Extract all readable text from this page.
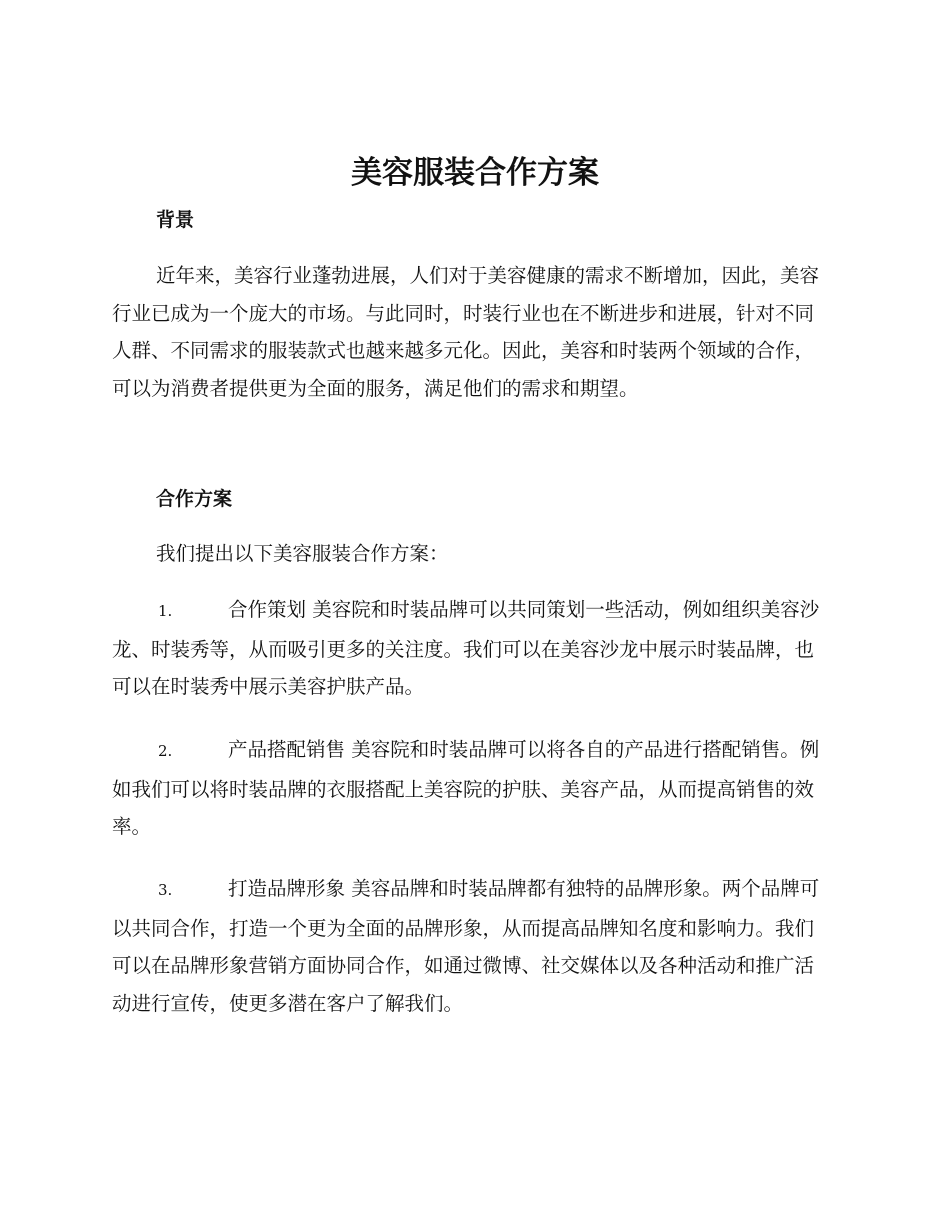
美容服装合作方案
背景

近年来，美容行业蓬勃进展，人们对于美容健康的需求不断增加，因此，美容行业已成为一个庞大的市场。与此同时，时装行业也在不断进步和进展，针对不同人群、不同需求的服装款式也越来越多元化。因此，美容和时装两个领域的合作，可以为消费者提供更为全面的服务，满足他们的需求和期望。

合作方案

我们提出以下美容服装合作方案：

1.	合作策划 美容院和时装品牌可以共同策划一些活动，例如组织美容沙龙、时装秀等，从而吸引更多的关注度。我们可以在美容沙龙中展示时装品牌，也可以在时装秀中展示美容护肤产品。

2.	产品搭配销售 美容院和时装品牌可以将各自的产品进行搭配销售。例如我们可以将时装品牌的衣服搭配上美容院的护肤、美容产品，从而提高销售的效率。

3.	打造品牌形象 美容品牌和时装品牌都有独特的品牌形象。两个品牌可以共同合作，打造一个更为全面的品牌形象，从而提高品牌知名度和影响力。我们可以在品牌形象营销方面协同合作，如通过微博、社交媒体以及各种活动和推广活动进行宣传，使更多潜在客户了解我们。
